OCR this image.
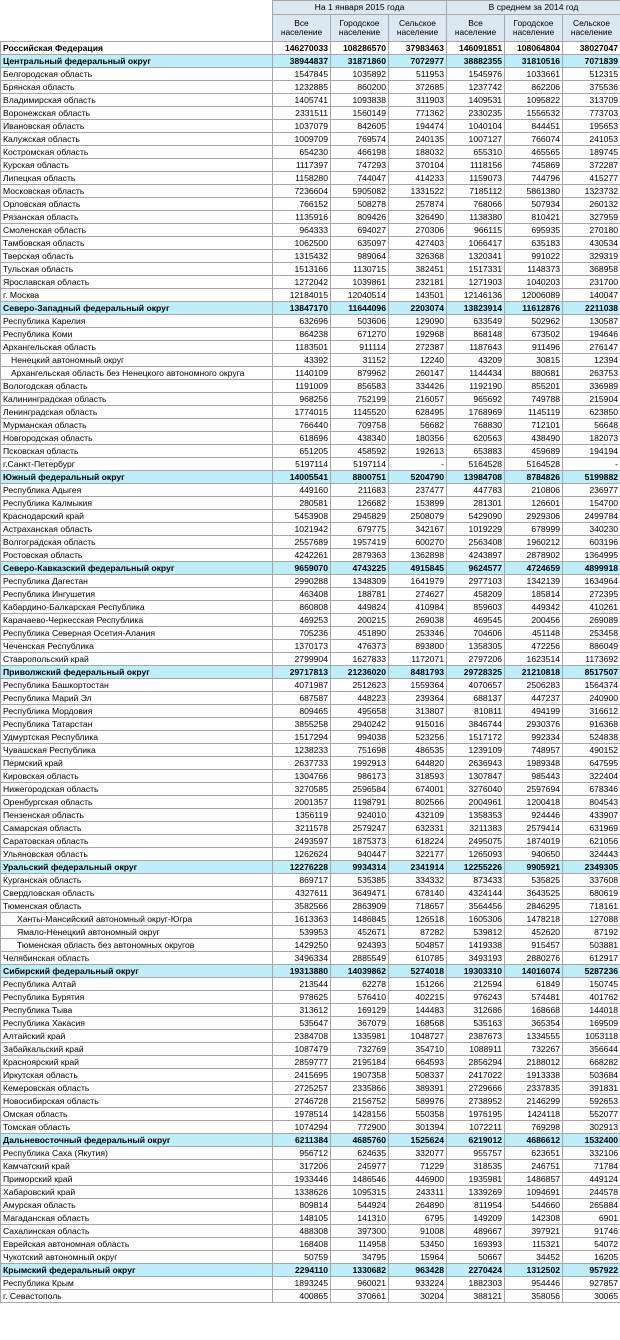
	На 1 января 2015 года			В среднем за 2014 год		
	Все население	Городское население	Сельское население	Все население	Городское население	Сельское население
Российская Федерация	146270033	108286570	37983463	146091851	108064804	38027047
Центральный федеральный округ	38944837	31871860	7072977	38882355	31810516	7071839
Белгородская область	1547845	1035892	511953	1545976	1033661	512315
Брянская область	1232885	860200	372685	1237742	862206	375536
Владимирская область	1405741	1093838	311903	1409531	1095822	313709
Воронежская область	2331511	1560149	771362	2330235	1556532	773703
Ивановская область	1037079	842605	194474	1040104	844451	195653
Калужская область	1009709	769574	240135	1007127	766074	241053
Костромская область	654230	466198	188032	655310	465565	189745
Курская область	1117397	747293	370104	1118156	745869	372287
Липецкая область	1158280	744047	414233	1159073	744796	415277
Московская область	7236604	5905082	1331522	7185112	5861380	1323732
Орловская область	766152	508278	257874	768066	507934	260132
Рязанская область	1135916	809426	326490	1138380	810421	327959
Смоленская область	964333	694027	270306	966115	695935	270180
Тамбовская область	1062500	635097	427403	1066417	635183	430534
Тверская область	1315432	989064	326368	1320341	991022	329319
Тульская область	1513166	1130715	382451	1517331	1148373	368958
Ярославская область	1272042	1039861	232181	1271903	1040203	231700
г. Москва	12184015	12040514	143501	12146136	12006089	140047
Северо-Западный федеральный округ	13847170	11644096	2203074	13823914	11612876	2211038
Республика Карелия	632696	503606	129090	633549	502962	130587
Республика Коми	864238	671270	192968	868148	673502	194646
Архангельская область	1183501	911114	272387	1187643	911496	276147
Ненецкий автономный округ	43392	31152	12240	43209	30815	12394
Архангельская область без Ненецкого автономного округа	1140109	879962	260147	1144434	880681	263753
Вологодская область	1191009	856583	334426	1192190	855201	336989
Калининградская область	968256	752199	216057	965692	749788	215904
Ленинградская область	1774015	1145520	628495	1768969	1145119	623850
Мурманская область	766440	709758	56682	768830	712101	56648
Новгородская область	618696	438340	180356	620563	438490	182073
Псковская область	651205	458592	192613	653883	459689	194194
г.Санкт-Петербург	5197114	5197114	-	5164528	5164528	-
Южный федеральный округ	14005541	8800751	5204790	13984708	8784826	5199882
Республика Адыгея	449160	211683	237477	447783	210806	236977
Республика Калмыкия	280581	126682	153899	281301	126601	154700
Краснодарский край	5453908	2945829	2508079	5429090	2929306	2499784
Астраханская область	1021942	679775	342167	1019229	678999	340230
Волгоградская область	2557689	1957419	600270	2563408	1960212	603196
Ростовская область	4242261	2879363	1362898	4243897	2878902	1364995
Северо-Кавказский федеральный округ	9659070	4743225	4915845	9624577	4724659	4899918
Республика Дагестан	2990288	1348309	1641979	2977103	1342139	1634964
Республика Ингушетия	463408	188781	274627	458209	185814	272395
Кабардино-Балкарская Республика	860808	449824	410984	859603	449342	410261
Карачаево-Черкесская Республика	469253	200215	269038	469545	200456	269089
Республика Северная Осетия-Алания	705236	451890	253346	704606	451148	253458
Чеченская Республика	1370173	476373	893800	1358305	472256	886049
Ставропольский край	2799904	1627833	1172071	2797206	1623514	1173692
Приволжский федеральный округ	29717813	21236020	8481793	29728325	21210818	8517507
Республика Башкортостан	4071987	2512623	1559364	4070657	2506283	1564374
Республика Марий Эл	687587	448223	239364	688137	447237	240900
Республика Мордовия	809465	495658	313807	810811	494199	316612
Республика Татарстан	3855258	2940242	915016	3846744	2930376	916368
Удмуртская Республика	1517294	994038	523256	1517172	992334	524838
Чувашская Республика	1238233	751698	486535	1239109	748957	490152
Пермский край	2637733	1992913	644820	2636943	1989348	647595
Кировская область	1304766	986173	318593	1307847	985443	322404
Нижегородская область	3270585	2596584	674001	3276040	2597694	678346
Оренбургская область	2001357	1198791	802566	2004961	1200418	804543
Пензенская область	1356119	924010	432109	1358353	924446	433907
Самарская область	3211578	2579247	632331	3211383	2579414	631969
Саратовская область	2493597	1875373	618224	2495075	1874019	621056
Ульяновская область	1262624	940447	322177	1265093	940650	324443
Уральский федеральный округ	12276228	9934314	2341914	12255226	9905921	2349305
Курганская область	869717	535385	334332	873433	535825	337608
Свердловская область	4327611	3649471	678140	4324144	3643525	680619
Тюменская область	3582566	2863909	718657	3564456	2846295	718161
Ханты-Мансийский автономный округ-Югра	1613363	1486845	126518	1605306	1478218	127088
Ямало-Ненецкий автономный округ	539953	452671	87282	539812	452620	87192
Тюменская область без автономных округов	1429250	924393	504857	1419338	915457	503881
Челябинская область	3496334	2885549	610785	3493193	2880276	612917
Сибирский федеральный округ	19313880	14039862	5274018	19303310	14016074	5287236
Республика Алтай	213544	62278	151266	212594	61849	150745
Республика Бурятия	978625	576410	402215	976243	574481	401762
Республика Тыва	313612	169129	144483	312686	168668	144018
Республика Хакасия	535647	367079	168568	535163	365354	169509
Алтайский край	2384708	1335981	1048727	2387673	1334555	1053118
Забайкальский край	1087479	732769	354710	1088911	732267	356644
Красноярский край	2859777	2195184	664593	2856294	2188012	668282
Иркутская область	2415695	1907358	508337	2417022	1913338	503684
Кемеровская область	2725257	2335866	389391	2729666	2337835	391831
Новосибирская область	2746728	2156752	589976	2738952	2146299	592653
Омская область	1978514	1428156	550358	1976195	1424118	552077
Томская область	1074294	772900	301394	1072211	769298	302913
Дальневосточный федеральный округ	6211384	4685760	1525624	6219012	4686612	1532400
Республика Саха (Якутия)	956712	624635	332077	955757	623651	332106
Камчатский край	317206	245977	71229	318535	246751	71784
Приморский край	1933446	1486546	446900	1935981	1486857	449124
Хабаровский край	1338626	1095315	243311	1339269	1094691	244578
Амурская область	809814	544924	264890	811954	544660	265884
Магаданская область	148105	141310	6795	149209	142308	6901
Сахалинская область	488308	397300	91008	489667	397921	91746
Еврейская автономная область	168408	114958	53450	169393	115321	54072
Чукотский автономный округ	50759	34795	15964	50667	34452	16205
Крымский федеральный округ	2294110	1330682	963428	2270424	1312502	957922
Республика Крым	1893245	960021	933224	1882303	954446	927857
г. Севастополь	400865	370661	30204	388121	358056	30065
